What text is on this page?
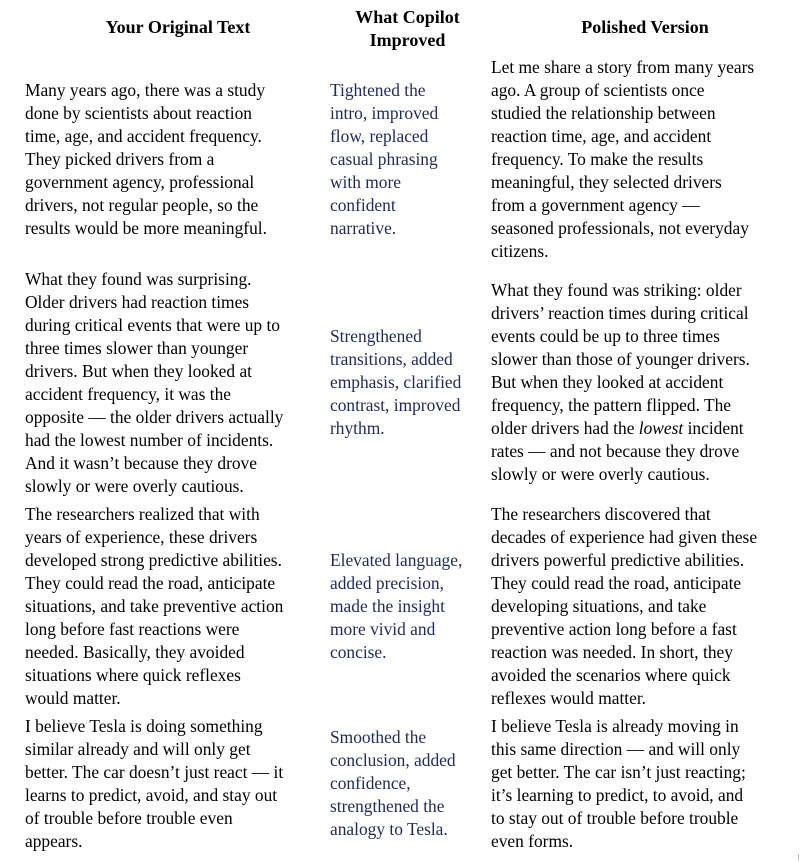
Your Original Text	What Copilot
Improved
Polished Version
Many years ago, there was a study
done by scientists about reaction
time, age, and accident frequency.
They picked drivers from a
government agency, professional
drivers, not regular people, so the
results would be more meaningful.
Tightened the
intro, improved
flow, replaced
casual phrasing
with more
confident
narrative.
Let me share a story from many years
ago. A group of scientists once
studied the relationship between
reaction time, age, and accident
frequency. To make the results
meaningful, they selected drivers
from a government agency —
seasoned professionals, not everyday
citizens.
What they found was surprising.
Older drivers had reaction times
during critical events that were up to
three times slower than younger
drivers. But when they looked at
accident frequency, it was the
opposite — the older drivers actually
had the lowest number of incidents.
And it wasn’t because they drove
slowly or were overly cautious.
Strengthened
transitions, added
emphasis, clarified
contrast, improved
rhythm.
What they found was striking: older
drivers’ reaction times during critical
events could be up to three times
slower than those of younger drivers.
But when they looked at accident
frequency, the pattern flipped. The
older drivers had the lowest incident
rates — and not because they drove
slowly or were overly cautious.
The researchers realized that with
years of experience, these drivers
developed strong predictive abilities.
They could read the road, anticipate
situations, and take preventive action
long before fast reactions were
needed. Basically, they avoided
situations where quick reflexes
would matter.
Elevated language,
added precision,
made the insight
more vivid and
concise.
The researchers discovered that
decades of experience had given these
drivers powerful predictive abilities.
They could read the road, anticipate
developing situations, and take
preventive action long before a fast
reaction was needed. In short, they
avoided the scenarios where quick
reflexes would matter.
I believe Tesla is doing something
similar already and will only get
better. The car doesn’t just react — it
learns to predict, avoid, and stay out
of trouble before trouble even
appears.
Smoothed the
conclusion, added
confidence,
strengthened the
analogy to Tesla.
I believe Tesla is already moving in
this same direction — and will only
get better. The car isn’t just reacting;
it’s learning to predict, to avoid, and
to stay out of trouble before trouble
even forms.
